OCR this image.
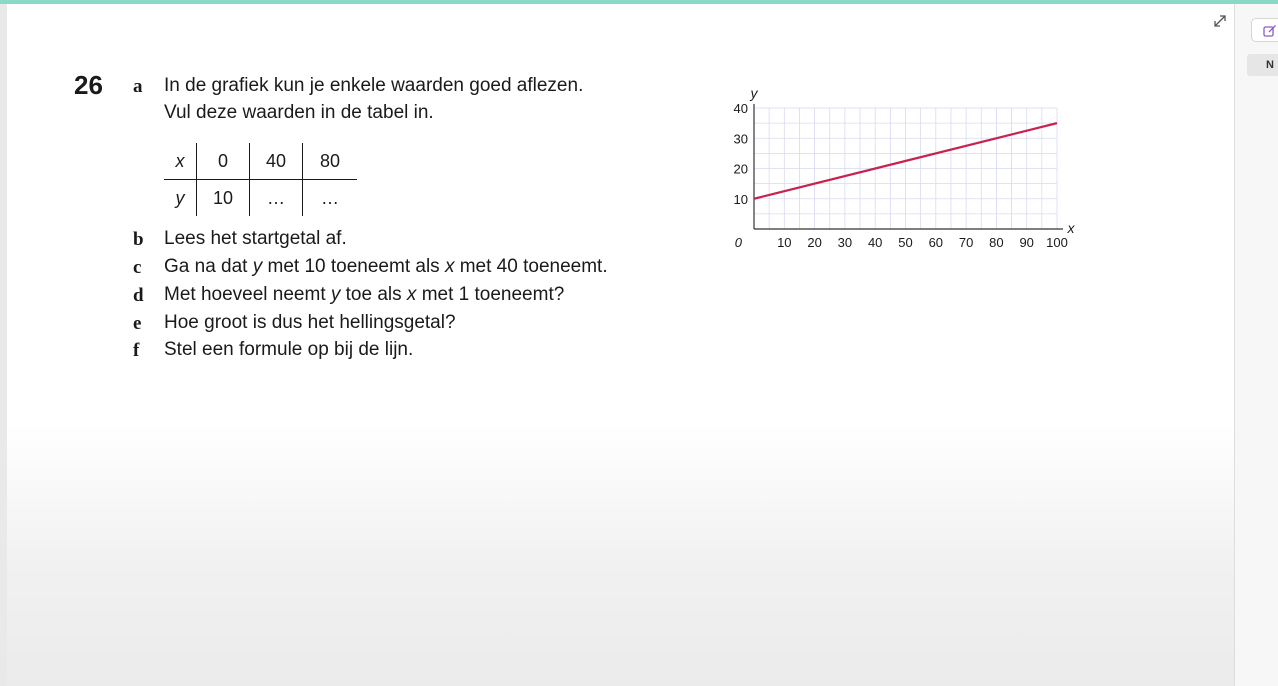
N
26 a In de grafiek kun je enkele waarden goed aflezen.
Vul deze waarden in de tabel in.
x	0	40	80
y	10	…	…
b Lees het startgetal af.
c Ga na dat y met 10 toeneemt als x met 40 toeneemt.
d Met hoeveel neemt y toe als x met 1 toeneemt?
e Hoe groot is dus het hellingsgetal?
f Stel een formule op bij de lijn.
10 20 30 40 50 60 70 80 90 100
10
20
30
40
0
y
x
